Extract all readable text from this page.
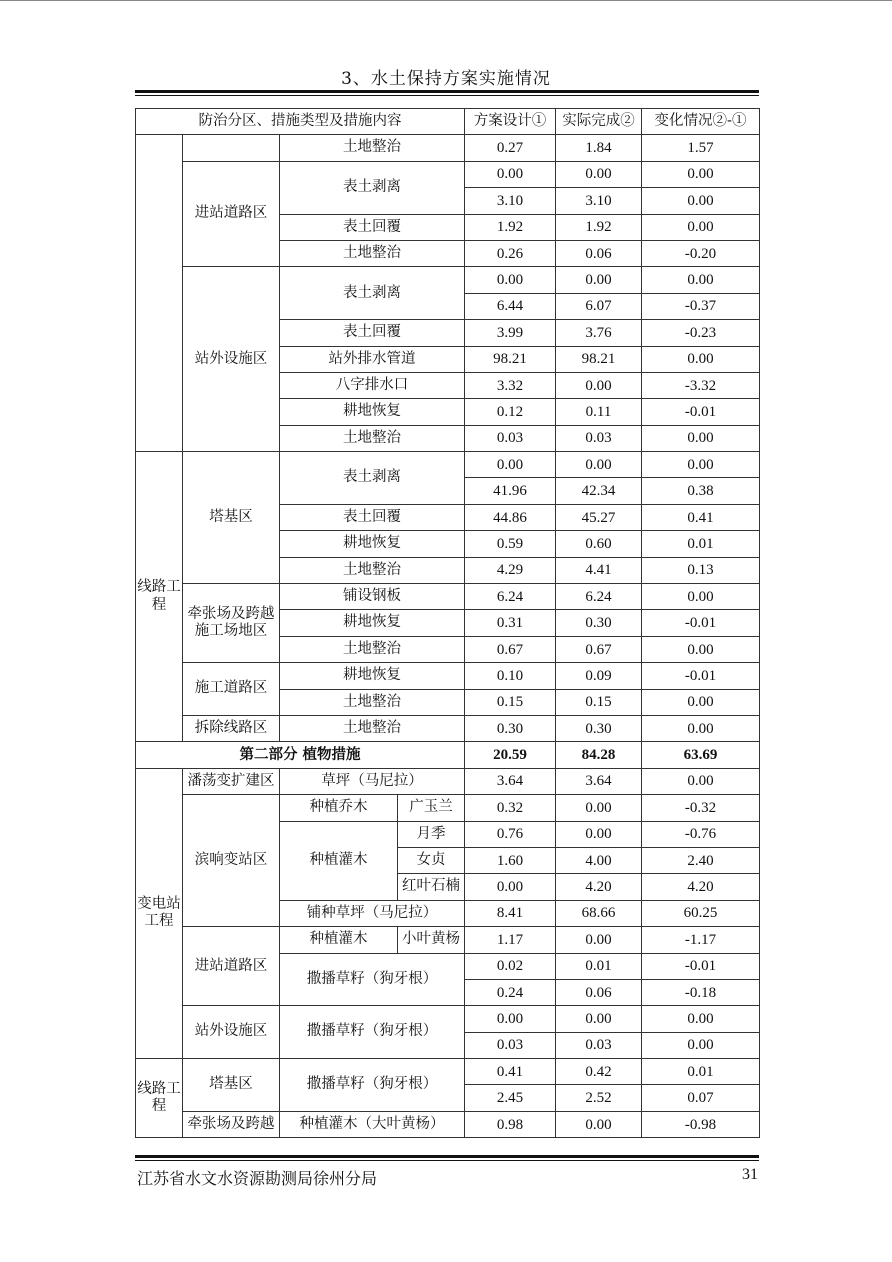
3、水土保持方案实施情况
防治分区、措施类型及措施内容				方案设计①	实际完成②	变化情况②-①
		土地整治		0.27	1.84	1.57
	进站道路区	表土剥离		0.00	0.00	0.00
				3.10	3.10	0.00
		表土回覆		1.92	1.92	0.00
		土地整治		0.26	0.06	-0.20
	站外设施区	表土剥离		0.00	0.00	0.00
				6.44	6.07	-0.37
		表土回覆		3.99	3.76	-0.23
		站外排水管道		98.21	98.21	0.00
		八字排水口		3.32	0.00	-3.32
		耕地恢复		0.12	0.11	-0.01
		土地整治		0.03	0.03	0.00
线路工程	塔基区	表土剥离		0.00	0.00	0.00
				41.96	42.34	0.38
		表土回覆		44.86	45.27	0.41
		耕地恢复		0.59	0.60	0.01
		土地整治		4.29	4.41	0.13
	牵张场及跨越施工场地区	铺设钢板		6.24	6.24	0.00
		耕地恢复		0.31	0.30	-0.01
		土地整治		0.67	0.67	0.00
	施工道路区	耕地恢复		0.10	0.09	-0.01
		土地整治		0.15	0.15	0.00
	拆除线路区	土地整治		0.30	0.30	0.00
第二部分 植物措施				20.59	84.28	63.69
变电站工程	潘荡变扩建区	草坪（马尼拉）		3.64	3.64	0.00
	滨响变站区	种植乔木	广玉兰	0.32	0.00	-0.32
		种植灌木	月季	0.76	0.00	-0.76
			女贞	1.60	4.00	2.40
			红叶石楠	0.00	4.20	4.20
		铺种草坪（马尼拉）		8.41	68.66	60.25
	进站道路区	种植灌木	小叶黄杨	1.17	0.00	-1.17
		撒播草籽（狗牙根）		0.02	0.01	-0.01
				0.24	0.06	-0.18
	站外设施区	撒播草籽（狗牙根）		0.00	0.00	0.00
				0.03	0.03	0.00
线路工程	塔基区	撒播草籽（狗牙根）		0.41	0.42	0.01
				2.45	2.52	0.07
	牵张场及跨越	种植灌木（大叶黄杨）		0.98	0.00	-0.98
江苏省水文水资源勘测局徐州分局	31
